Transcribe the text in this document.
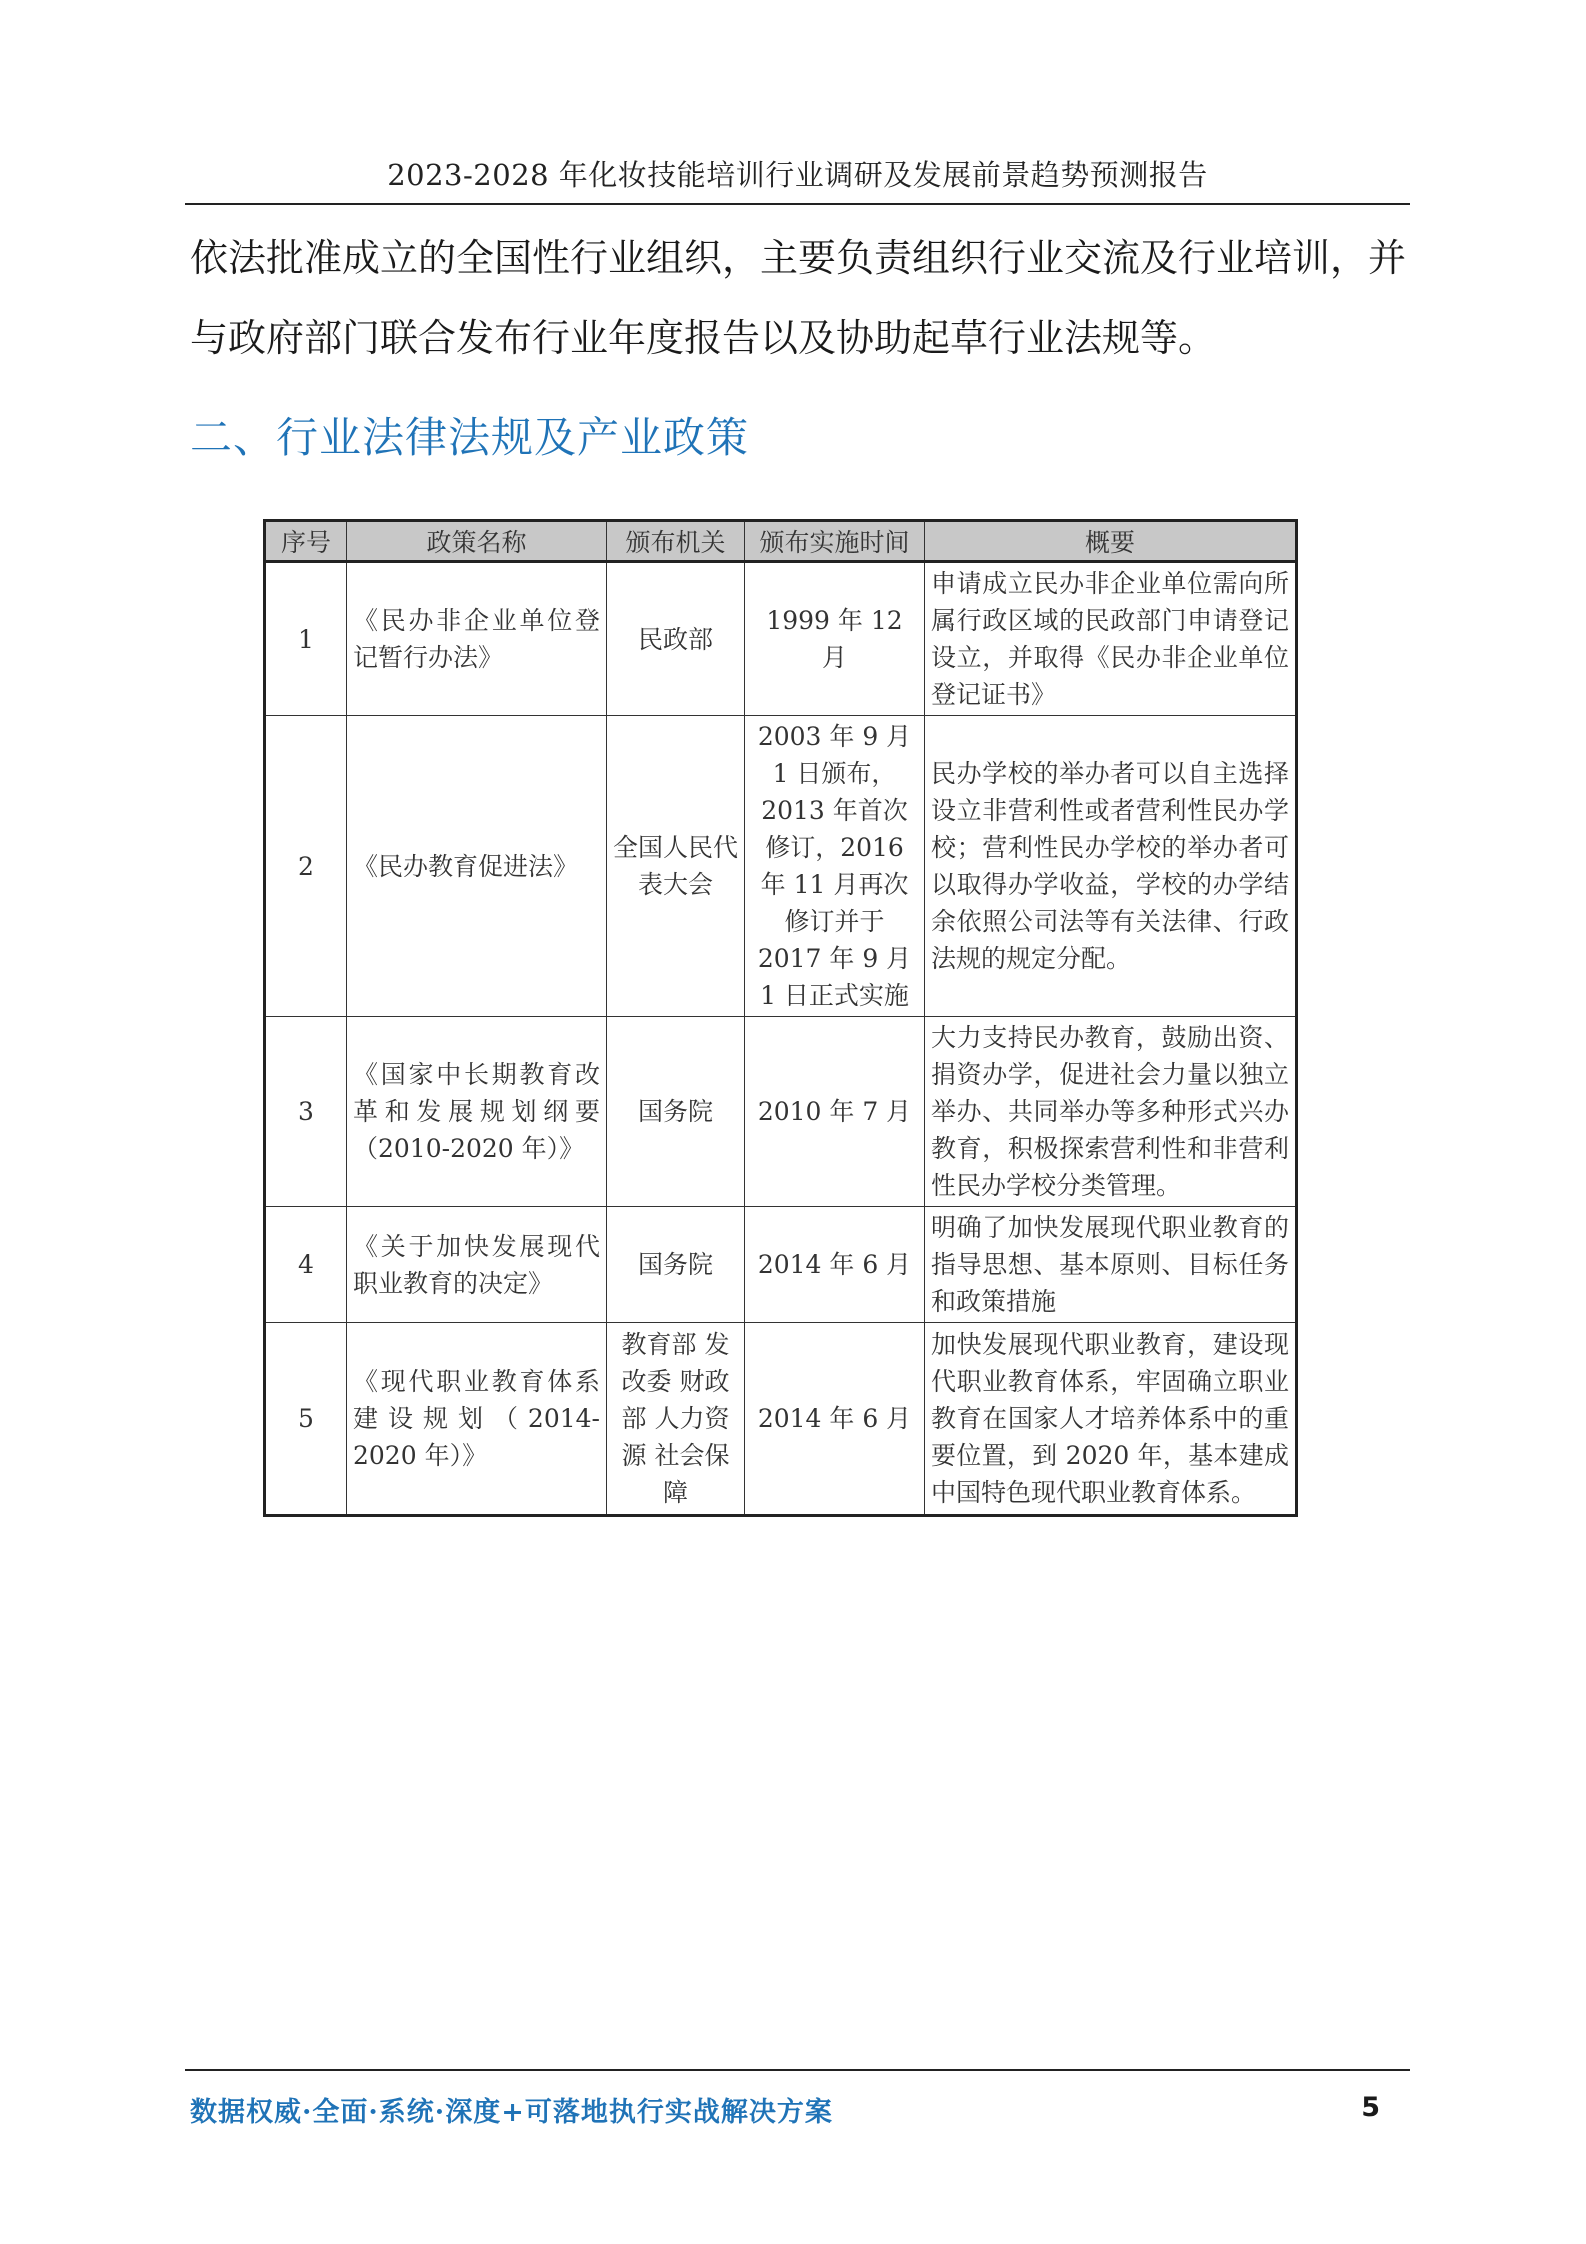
2023-2028 年化妆技能培训行业调研及发展前景趋势预测报告

依法批准成立的全国性行业组织，主要负责组织行业交流及行业培训，并

与政府部门联合发布行业年度报告以及协助起草行业法规等。

二、行业法律法规及产业政策
序号	政策名称	颁布机关	颁布实施时间	概要
1	《民办非企业单位登记暂行办法》	民政部	1999 年 12 月	申请成立民办非企业单位需向所属行政区域的民政部门申请登记设立，并取得《民办非企业单位登记证书》
2	《民办教育促进法》	全国人民代表大会	2003 年 9 月 1 日颁布，2013 年首次修订，2016 年 11 月再次修订并于 2017 年 9 月 1 日正式实施	民办学校的举办者可以自主选择设立非营利性或者营利性民办学校；营利性民办学校的举办者可以取得办学收益，学校的办学结余依照公司法等有关法律、行政法规的规定分配。
3	《国家中长期教育改革和发展规划纲要（2010-2020 年）》	国务院	2010 年 7 月	大力支持民办教育，鼓励出资、捐资办学，促进社会力量以独立举办、共同举办等多种形式兴办教育，积极探索营利性和非营利性民办学校分类管理。
4	《关于加快发展现代职业教育的决定》	国务院	2014 年 6 月	明确了加快发展现代职业教育的指导思想、基本原则、目标任务和政策措施
5	《现代职业教育体系建设规划（2014-2020 年）》	教育部 发改委 财政部 人力资源 社会保障	2014 年 6 月	加快发展现代职业教育，建设现代职业教育体系，牢固确立职业教育在国家人才培养体系中的重要位置，到 2020 年，基本建成中国特色现代职业教育体系。
数据权威·全面·系统·深度+可落地执行实战解决方案	5
